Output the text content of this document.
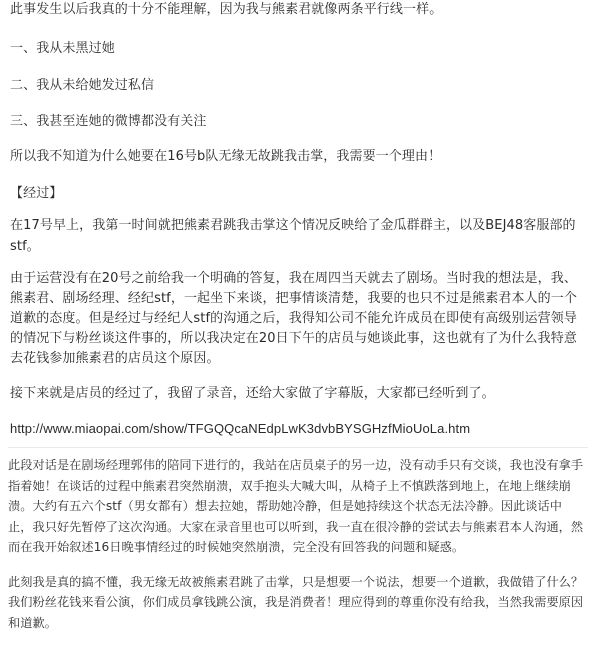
此事发生以后我真的十分不能理解，因为我与熊素君就像两条平行线一样。
一、我从未黑过她
二、我从未给她发过私信
三、我甚至连她的微博都没有关注
所以我不知道为什么她要在16号b队无缘无故跳我击掌，我需要一个理由！
【经过】
在17号早上，我第一时间就把熊素君跳我击掌这个情况反映给了金瓜群群主，以及BEJ48客服部的stf。
由于运营没有在20号之前给我一个明确的答复，我在周四当天就去了剧场。当时我的想法是，我、熊素君、剧场经理、经纪stf，一起坐下来谈，把事情谈清楚，我要的也只不过是熊素君本人的一个道歉的态度。但是经过与经纪人stf的沟通之后，我得知公司不能允许成员在即使有高级别运营领导的情况下与粉丝谈这件事的，所以我决定在20日下午的店员与她谈此事，这也就有了为什么我特意去花钱参加熊素君的店员这个原因。
接下来就是店员的经过了，我留了录音，还给大家做了字幕版，大家都已经听到了。
http://www.miaopai.com/show/TFGQQcaNEdpLwK3dvbBYSGHzfMioUoLa.htm
此段对话是在剧场经理郭伟的陪同下进行的，我站在店员桌子的另一边，没有动手只有交谈，我也没有拿手指着她！在谈话的过程中熊素君突然崩溃，双手抱头大喊大叫，从椅子上不慎跌落到地上，在地上继续崩溃。大约有五六个stf（男女都有）想去拉她，帮助她冷静，但是她持续这个状态无法冷静。因此谈话中止，我只好先暂停了这次沟通。大家在录音里也可以听到，我一直在很冷静的尝试去与熊素君本人沟通，然而在我开始叙述16日晚事情经过的时候她突然崩溃，完全没有回答我的问题和疑惑。
此刻我是真的搞不懂，我无缘无故被熊素君跳了击掌，只是想要一个说法，想要一个道歉，我做错了什么？我们粉丝花钱来看公演，你们成员拿钱跳公演，我是消费者！理应得到的尊重你没有给我，当然我需要原因和道歉。
